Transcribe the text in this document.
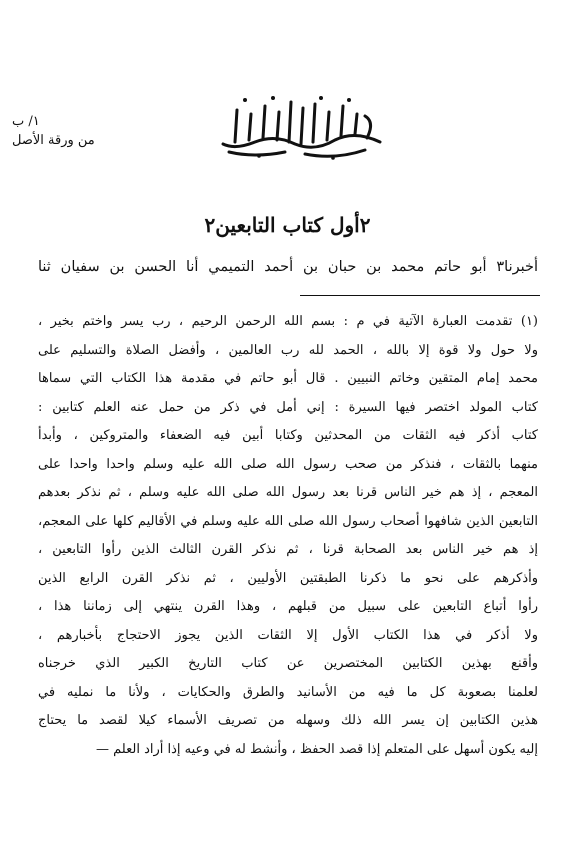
١/ ب
من ورقة الأصل
٢أول كتاب التابعين٢
أخبرنا٣ أبو حاتم محمد بن حبان بن أحمد التميمي أنا الحسن بن سفيان ثنا
(١) تقدمت العبارة الآتية في م : بسم الله الرحمن الرحيم ، رب يسر واختم بخير ،
ولا حول ولا قوة إلا بالله ، الحمد لله رب العالمين ، وأفضل الصلاة والتسليم على
محمد إمام المتقين وخاتم النبيين . قال أبو حاتم في مقدمة هذا الكتاب التي سماها
كتاب المولد اختصر فيها السيرة : إني أمل في ذكر من حمل عنه العلم كتابين :
كتاب أذكر فيه الثقات من المحدثين وكتابا أبين فيه الضعفاء والمتروكين ، وأبدأ
منهما بالثقات ، فنذكر من صحب رسول الله صلى الله عليه وسلم واحدا واحدا على
المعجم ، إذ هم خير الناس قرنا بعد رسول الله صلى الله عليه وسلم ، ثم نذكر بعدهم
التابعين الذين شافهوا أصحاب رسول الله صلى الله عليه وسلم في الأقاليم كلها على المعجم،
إذ هم خير الناس بعد الصحابة قرنا ، ثم نذكر القرن الثالث الذين رأوا التابعين ،
وأذكرهم على نحو ما ذكرنا الطبقتين الأوليين ، ثم نذكر القرن الرابع الذين
رأوا أتباع التابعين على سبيل من قبلهم ، وهذا القرن ينتهي إلى زماننا هذا ،
ولا أذكر في هذا الكتاب الأول إلا الثقات الذين يجوز الاحتجاج بأخبارهم ،
وأقنع بهذين الكتابين المختصرين عن كتاب التاريخ الكبير الذي خرجناه
لعلمنا بصعوبة كل ما فيه من الأسانيد والطرق والحكايات ، ولأنا ما نمليه في
هذين الكتابين إن يسر الله ذلك وسهله من تصريف الأسماء كيلا لقصد ما يحتاج
إليه يكون أسهل على المتعلم إذا قصد الحفظ ، وأنشط له في وعيه إذا أراد العلم —
